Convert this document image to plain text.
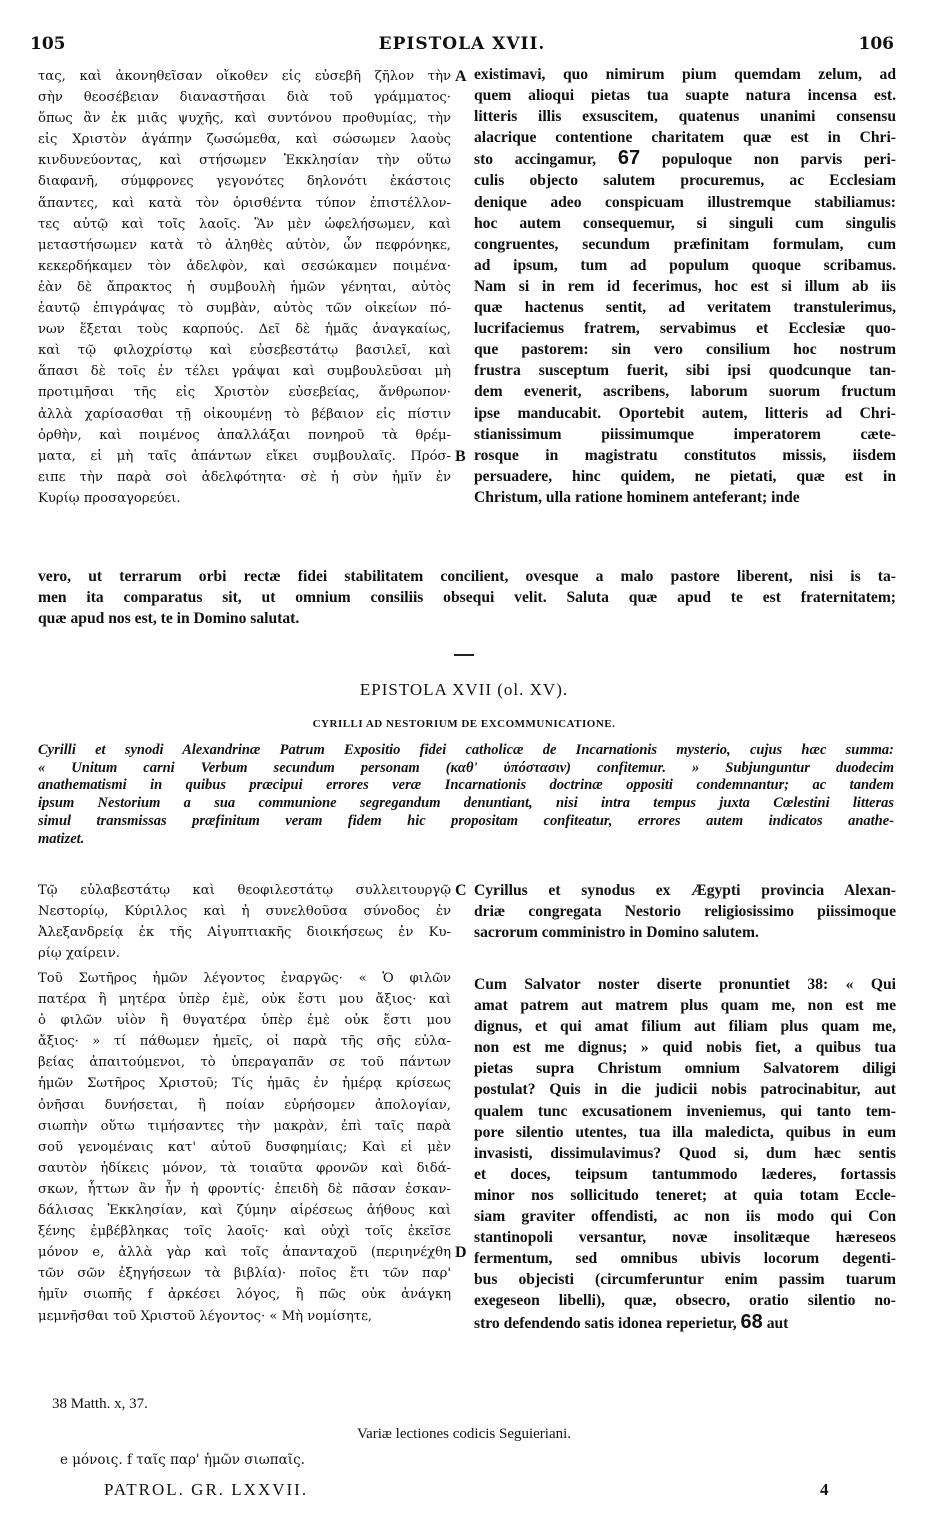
105	EPISTOLA XVII.	106
τας, καὶ ἀκονηθεῖσαν οἴκοθεν εἰς εὐσεβῆ ζῆλον τὴν
σὴν θεοσέβειαν διαναστῆσαι διὰ τοῦ γράμματος·
ὅπως ἂν ἐκ μιᾶς ψυχῆς, καὶ συντόνου προθυμίας, τὴν
εἰς Χριστὸν ἀγάπην ζωσώμεθα, καὶ σώσωμεν λαοὺς
κινδυνεύοντας, καὶ στήσωμεν Ἐκκλησίαν τὴν οὕτω
διαφανῆ, σύμφρονες γεγονότες δηλονότι ἑκάστοις
ἅπαντες, καὶ κατὰ τὸν ὁρισθέντα τύπον ἐπιστέλλον-
τες αὐτῷ καὶ τοῖς λαοῖς. Ἂν μὲν ὠφελήσωμεν, καὶ
μεταστήσωμεν κατὰ τὸ ἀληθὲς αὐτὸν, ὧν πεφρόνηκε,
κεκερδήκαμεν τὸν ἀδελφὸν, καὶ σεσώκαμεν ποιμένα·
ἐὰν δὲ ἄπρακτος ἡ συμβουλὴ ἡμῶν γένηται, αὐτὸς
ἑαυτῷ ἐπιγράψας τὸ συμβὰν, αὐτὸς τῶν οἰκείων πό-
νων ἕξεται τοὺς καρπούς. Δεῖ δὲ ἡμᾶς ἀναγκαίως,
καὶ τῷ φιλοχρίστῳ καὶ εὐσεβεστάτῳ βασιλεῖ, καὶ
ἅπασι δὲ τοῖς ἐν τέλει γράψαι καὶ συμβουλεῦσαι μὴ
προτιμῆσαι τῆς εἰς Χριστὸν εὐσεβείας, ἄνθρωπον·
ἀλλὰ χαρίσασθαι τῇ οἰκουμένῃ τὸ βέβαιον εἰς πίστιν
ὀρθὴν, καὶ ποιμένος ἀπαλλάξαι πονηροῦ τὰ θρέμ-
ματα, εἰ μὴ ταῖς ἁπάντων εἴκει συμβουλαῖς. Πρόσ-
ειπε τὴν παρὰ σοὶ ἀδελφότητα· σὲ ἡ σὺν ἡμῖν ἐν
Κυρίῳ προσαγορεύει.
existimavi, quo nimirum pium quemdam zelum, ad
quem alioqui pietas tua suapte natura incensa est.
litteris illis exsuscitem, quatenus unanimi consensu
alacrique contentione charitatem quæ est in Chri-
sto accingamur, 67 populoque non parvis peri-
culis objecto salutem procuremus, ac Ecclesiam
denique adeo conspicuam illustremque stabiliamus:
hoc autem consequemur, si singuli cum singulis
congruentes, secundum præfinitam formulam, cum
ad ipsum, tum ad populum quoque scribamus.
Nam si in rem id fecerimus, hoc est si illum ab iis
quæ hactenus sentit, ad veritatem transtulerimus,
lucrifaciemus fratrem, servabimus et Ecclesiæ quo-
que pastorem: sin vero consilium hoc nostrum
frustra susceptum fuerit, sibi ipsi quodcunque tan-
dem evenerit, ascribens, laborum suorum fructum
ipse manducabit. Oportebit autem, litteris ad Chri-
stianissimum piissimumque imperatorem cæte-
rosque in magistratu constitutos missis, iisdem
persuadere, hinc quidem, ne pietati, quæ est in
Christum, ulla ratione hominem anteferant; inde
A
B
vero, ut terrarum orbi rectæ fidei stabilitatem concilient, ovesque a malo pastore liberent, nisi is ta-
men ita comparatus sit, ut omnium consiliis obsequi velit. Saluta quæ apud te est fraternitatem;
quæ apud nos est, te in Domino salutat.
EPISTOLA XVII (ol. XV).
CYRILLI AD NESTORIUM DE EXCOMMUNICATIONE.
Cyrilli et synodi Alexandrinæ Patrum Expositio fidei catholicæ de Incarnationis mysterio, cujus hæc summa:
« Unitum carni Verbum secundum personam (καθ' ὑπόστασιν) confitemur. » Subjunguntur duodecim
anathematismi in quibus præcipui errores veræ Incarnationis doctrinæ oppositi condemnantur; ac tandem
ipsum Nestorium a sua communione segregandum denuntiant, nisi intra tempus juxta Cœlestini litteras
simul transmissas præfinitum veram fidem hic propositam confiteatur, errores autem indicatos anathe-
matizet.
Τῷ εὐλαβεστάτῳ καὶ θεοφιλεστάτῳ συλλειτουργῷ
Νεστορίῳ, Κύριλλος καὶ ἡ συνελθοῦσα σύνοδος ἐν
Ἀλεξανδρείᾳ ἐκ τῆς Αἰγυπτιακῆς διοικήσεως ἐν Κυ-
ρίῳ χαίρειν.
Τοῦ Σωτῆρος ἡμῶν λέγοντος ἐναργῶς· « Ὁ φιλῶν
πατέρα ἢ μητέρα ὑπὲρ ἐμὲ, οὐκ ἔστι μου ἄξιος· καὶ
ὁ φιλῶν υἱὸν ἢ θυγατέρα ὑπὲρ ἐμὲ οὐκ ἔστι μου
ἄξιος· » τί πάθωμεν ἡμεῖς, οἱ παρὰ τῆς σῆς εὐλα-
βείας ἀπαιτούμενοι, τὸ ὑπεραγαπᾶν σε τοῦ πάντων
ἡμῶν Σωτῆρος Χριστοῦ; Τίς ἡμᾶς ἐν ἡμέρᾳ κρίσεως
ὀνῆσαι δυνήσεται, ἢ ποίαν εὑρήσομεν ἀπολογίαν,
σιωπὴν οὕτω τιμήσαντες τὴν μακρὰν, ἐπὶ ταῖς παρὰ
σοῦ γενομέναις κατ' αὐτοῦ δυσφημίαις; Καὶ εἰ μὲν
σαυτὸν ἠδίκεις μόνον, τὰ τοιαῦτα φρονῶν καὶ διδά-
σκων, ἧττων ἂν ἦν ἡ φροντίς· ἐπειδὴ δὲ πᾶσαν ἐσκαν-
δάλισας Ἐκκλησίαν, καὶ ζύμην αἱρέσεως ἀήθους καὶ
ξένης ἐμβέβληκας τοῖς λαοῖς· καὶ οὐχὶ τοῖς ἐκεῖσε
μόνον e, ἀλλὰ γὰρ καὶ τοῖς ἁπανταχοῦ (περιηνέχθη
τῶν σῶν ἐξηγήσεων τὰ βιβλία)· ποῖος ἔτι τῶν παρ'
ἡμῖν σιωπῆς f ἀρκέσει λόγος, ἢ πῶς οὐκ ἀνάγκη
μεμνῆσθαι τοῦ Χριστοῦ λέγοντος· « Μὴ νομίσητε,
Cyrillus et synodus ex Ægypti provincia Alexan-
driæ congregata Nestorio religiosissimo piissimoque
sacrorum comministro in Domino salutem.
Cum Salvator noster diserte pronuntiet 38: « Qui
amat patrem aut matrem plus quam me, non est me
dignus, et qui amat filium aut filiam plus quam me,
non est me dignus; » quid nobis fiet, a quibus tua
pietas supra Christum omnium Salvatorem diligi
postulat? Quis in die judicii nobis patrocinabitur, aut
qualem tunc excusationem inveniemus, qui tanto tem-
pore silentio utentes, tua illa maledicta, quibus in eum
invasisti, dissimulavimus? Quod si, dum hæc sentis
et doces, teipsum tantummodo læderes, fortassis
minor nos sollicitudo teneret; at quia totam Eccle-
siam graviter offendisti, ac non iis modo qui Con
stantinopoli versantur, novæ insolitæque hæreseos
fermentum, sed omnibus ubivis locorum degenti-
bus objecisti (circumferuntur enim passim tuarum
exegeseon libelli), quæ, obsecro, oratio silentio no-
stro defendendo satis idonea reperietur, 68 aut
C
D
38 Matth. x, 37.
Variæ lectiones codicis Seguieriani.
e μόνοις. f ταῖς παρ' ἡμῶν σιωπαῖς.
PATROL. GR. LXXVII.	4
